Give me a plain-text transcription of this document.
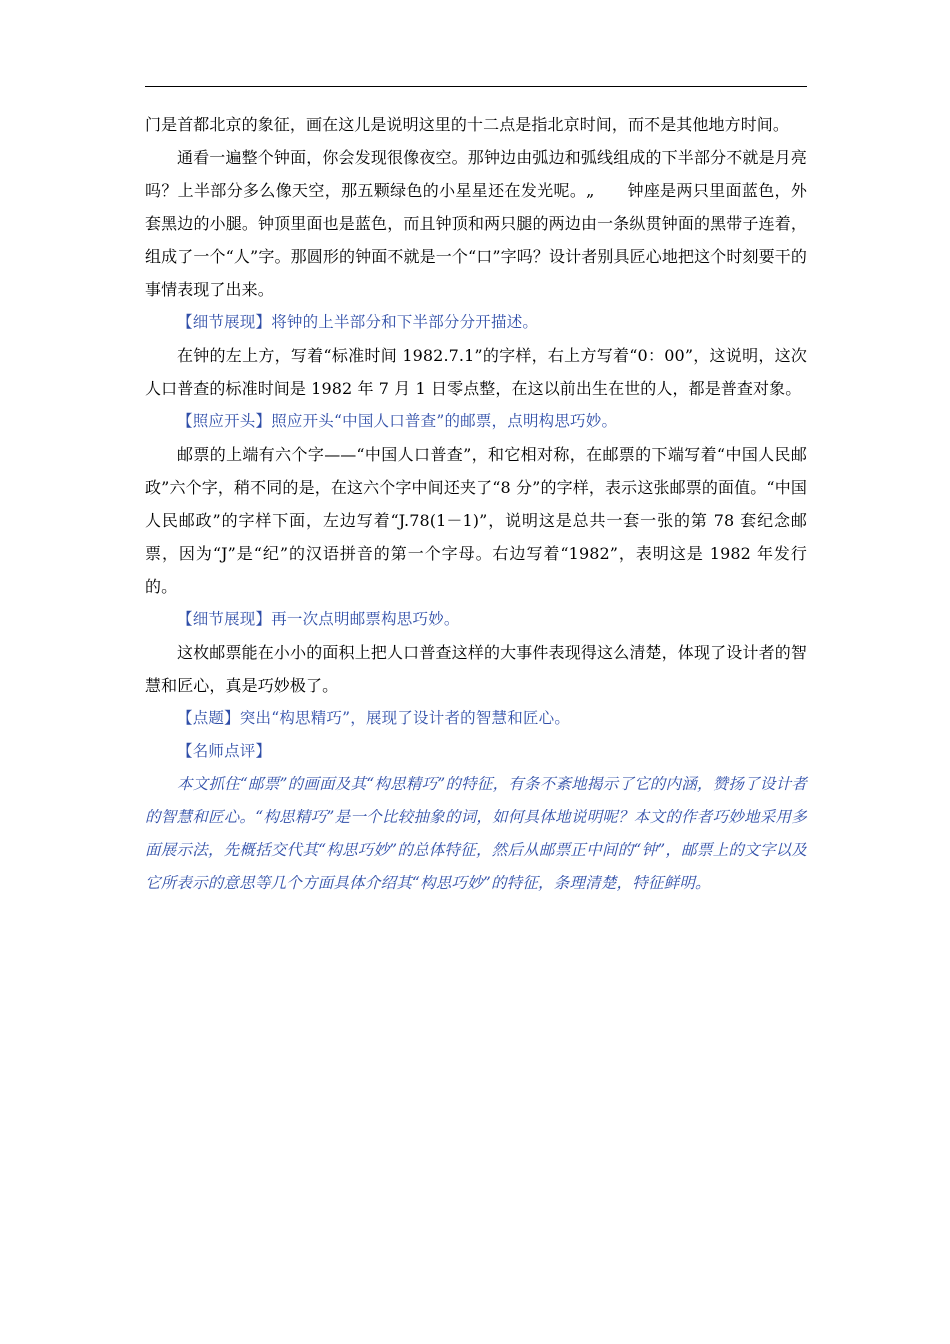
门是首都北京的象征，画在这儿是说明这里的十二点是指北京时间，而不是其他地方时间。

通看一遍整个钟面，你会发现很像夜空。那钟边由弧边和弧线组成的下半部分不就是月亮吗？上半部分多么像天空，那五颗绿色的小星星还在发光呢。„　　钟座是两只里面蓝色，外套黑边的小腿。钟顶里面也是蓝色，而且钟顶和两只腿的两边由一条纵贯钟面的黑带子连着，组成了一个“人”字。那圆形的钟面不就是一个“口”字吗？设计者别具匠心地把这个时刻要干的事情表现了出来。

【细节展现】将钟的上半部分和下半部分分开描述。

在钟的左上方，写着“标准时间 1982.7.1”的字样，右上方写着“0：00”，这说明，这次人口普查的标准时间是 1982 年 7 月 1 日零点整，在这以前出生在世的人，都是普查对象。

【照应开头】照应开头“中国人口普查”的邮票，点明构思巧妙。

邮票的上端有六个字——“中国人口普查”，和它相对称，在邮票的下端写着“中国人民邮政”六个字，稍不同的是，在这六个字中间还夹了“8 分”的字样，表示这张邮票的面值。“中国人民邮政”的字样下面，左边写着“J.78(1－1)”，说明这是总共一套一张的第 78 套纪念邮票，因为“J”是“纪”的汉语拼音的第一个字母。右边写着“1982”，表明这是 1982 年发行的。

【细节展现】再一次点明邮票构思巧妙。

这枚邮票能在小小的面积上把人口普查这样的大事件表现得这么清楚，体现了设计者的智慧和匠心，真是巧妙极了。

【点题】突出“构思精巧”，展现了设计者的智慧和匠心。

【名师点评】

本文抓住“邮票”的画面及其“构思精巧”的特征，有条不紊地揭示了它的内涵，赞扬了设计者的智慧和匠心。“构思精巧”是一个比较抽象的词，如何具体地说明呢？本文的作者巧妙地采用多面展示法，先概括交代其“构思巧妙”的总体特征，然后从邮票正中间的“钟”，邮票上的文字以及它所表示的意思等几个方面具体介绍其“构思巧妙”的特征，条理清楚，特征鲜明。
